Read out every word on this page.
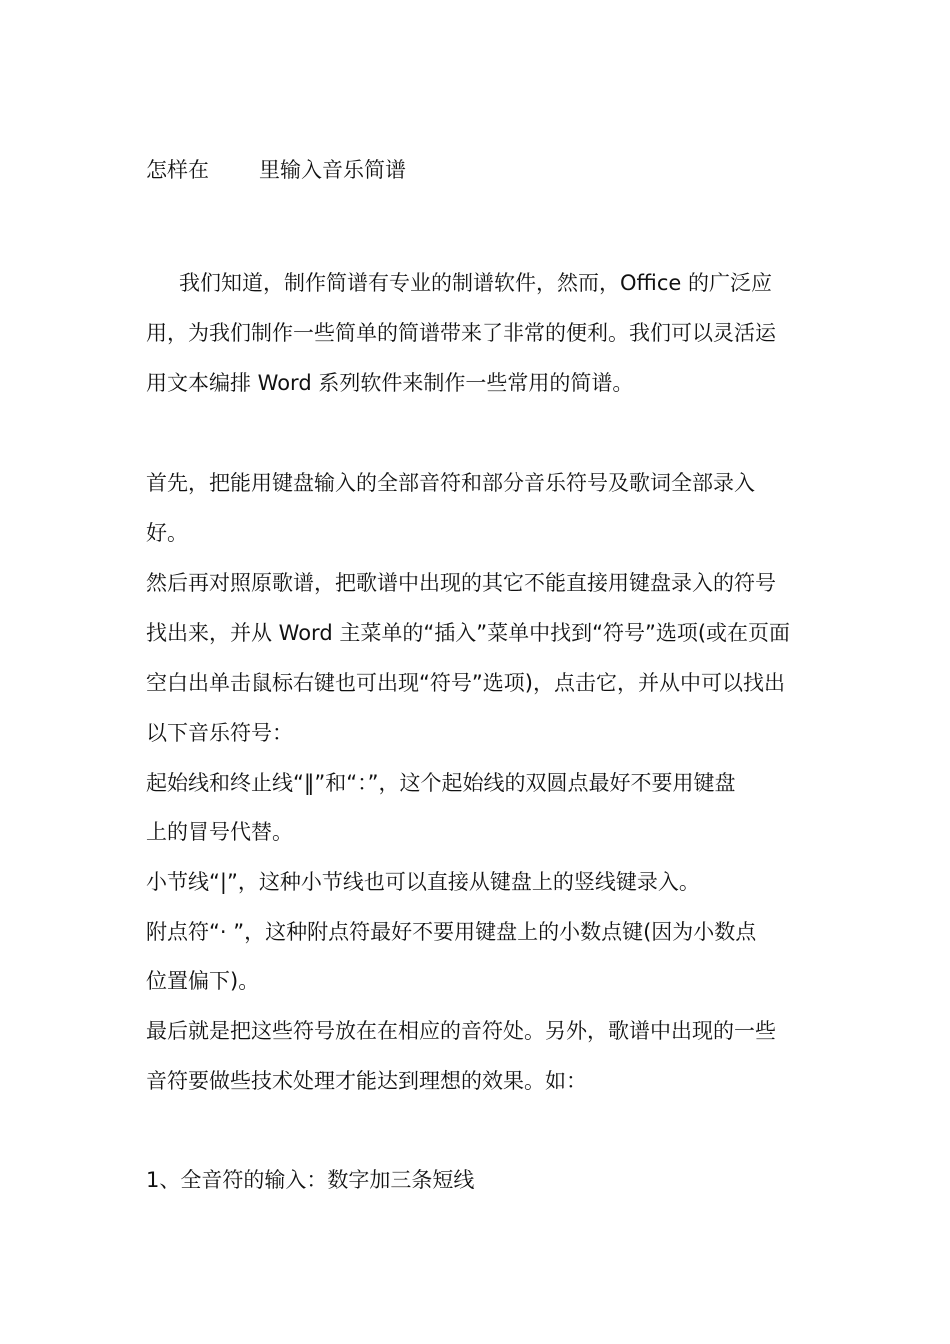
怎样在 里输入音乐简谱
我们知道，制作简谱有专业的制谱软件，然而，Office 的广泛应
用，为我们制作一些简单的简谱带来了非常的便利。我们可以灵活运
用文本编排 Word 系列软件来制作一些常用的简谱。
首先，把能用键盘输入的全部音符和部分音乐符号及歌词全部录入
好。
然后再对照原歌谱，把歌谱中出现的其它不能直接用键盘录入的符号
找出来，并从 Word 主菜单的“插入”菜单中找到“符号”选项(或在页面
空白出单击鼠标右键也可出现“符号”选项)，点击它，并从中可以找出
以下音乐符号：
起始线和终止线“‖”和“：”，这个起始线的双圆点最好不要用键盘
上的冒号代替。
小节线“|”，这种小节线也可以直接从键盘上的竖线键录入。
附点符“· ”，这种附点符最好不要用键盘上的小数点键(因为小数点
位置偏下)。
最后就是把这些符号放在在相应的音符处。另外，歌谱中出现的一些
音符要做些技术处理才能达到理想的效果。如：
1、全音符的输入：数字加三条短线
